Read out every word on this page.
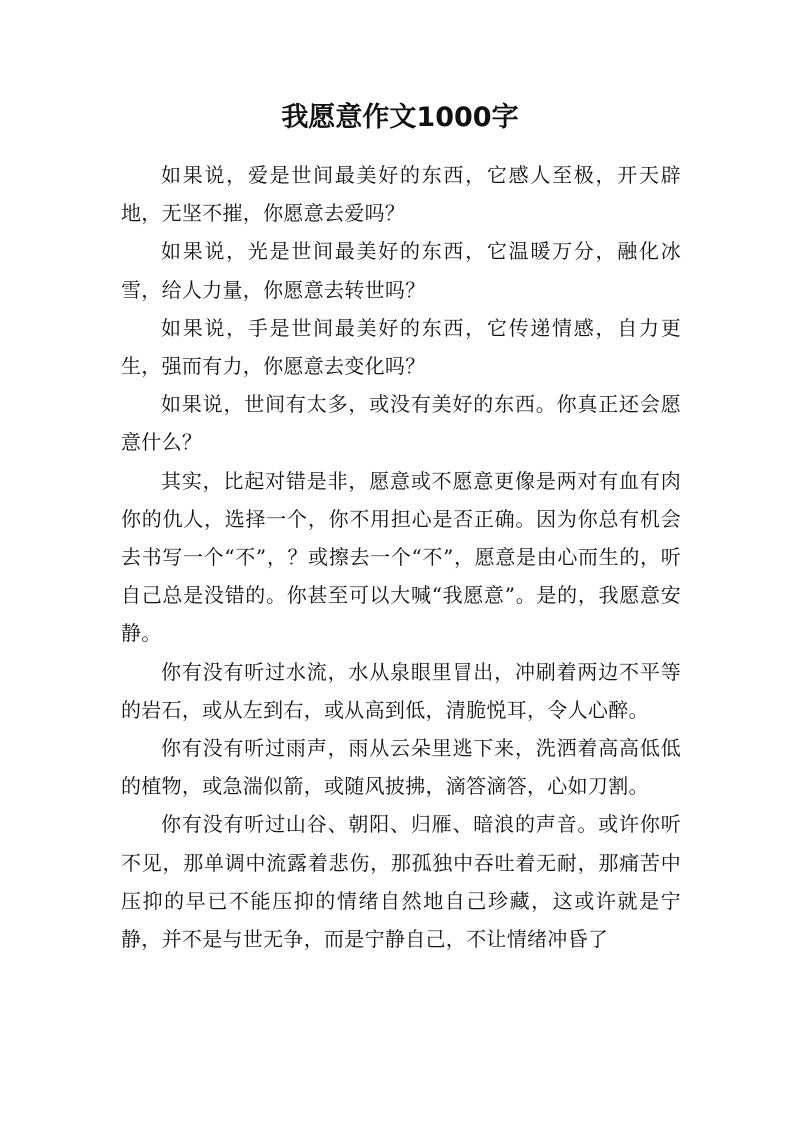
我愿意作文1000字

如果说，爱是世间最美好的东西，它感人至极，开天辟地，无坚不摧，你愿意去爱吗？

如果说，光是世间最美好的东西，它温暖万分，融化冰雪，给人力量，你愿意去转世吗？

如果说，手是世间最美好的东西，它传递情感，自力更生，强而有力，你愿意去变化吗？

如果说，世间有太多，或没有美好的东西。你真正还会愿意什么？

其实，比起对错是非，愿意或不愿意更像是两对有血有肉你的仇人，选择一个，你不用担心是否正确。因为你总有机会去书写一个“不”，？或擦去一个“不”，愿意是由心而生的，听自己总是没错的。你甚至可以大喊“我愿意”。是的，我愿意安静。

你有没有听过水流，水从泉眼里冒出，冲刷着两边不平等的岩石，或从左到右，或从高到低，清脆悦耳，令人心醉。

你有没有听过雨声，雨从云朵里逃下来，洗洒着高高低低的植物，或急湍似箭，或随风披拂，滴答滴答，心如刀割。

你有没有听过山谷、朝阳、归雁、暗浪的声音。或许你听不见，那单调中流露着悲伤，那孤独中吞吐着无耐，那痛苦中压抑的早已不能压抑的情绪自然地自己珍藏，这或许就是宁静，并不是与世无争，而是宁静自己，不让情绪冲昏了
